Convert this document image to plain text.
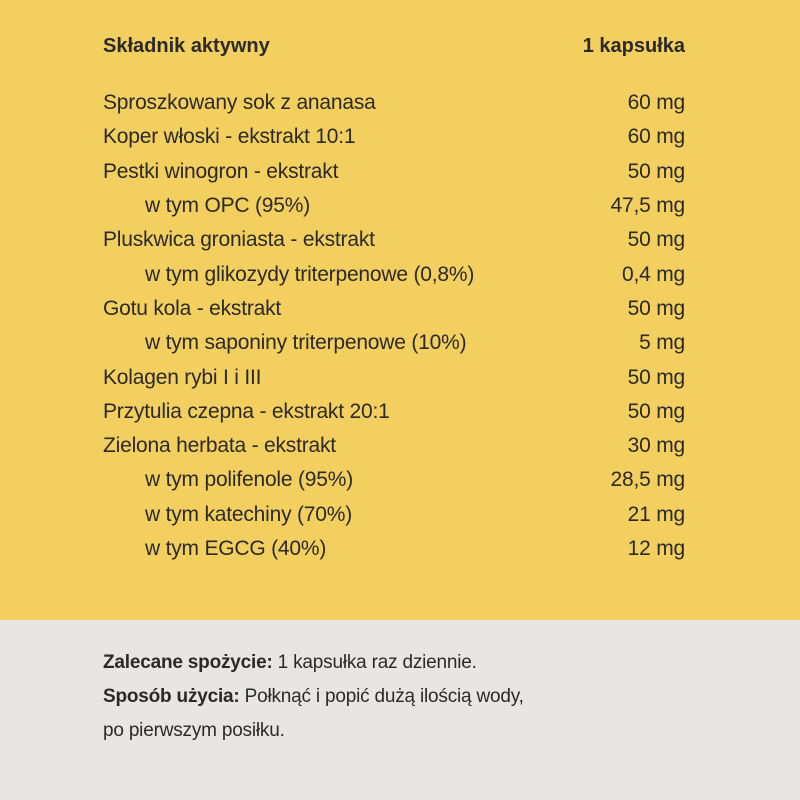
Składnik aktywny	1 kapsułka
Sproszkowany sok z ananasa	60 mg
Koper włoski - ekstrakt 10:1	60 mg
Pestki winogron - ekstrakt	50 mg
w tym OPC (95%)	47,5 mg
Pluskwica groniasta - ekstrakt	50 mg
w tym glikozydy triterpenowe (0,8%)	0,4 mg
Gotu kola - ekstrakt	50 mg
w tym saponiny triterpenowe (10%)	5 mg
Kolagen rybi I i III	50 mg
Przytulia czepna - ekstrakt 20:1	50 mg
Zielona herbata - ekstrakt	30 mg
w tym polifenole (95%)	28,5 mg
w tym katechiny (70%)	21 mg
w tym EGCG (40%)	12 mg

Zalecane spożycie: 1 kapsułka raz dziennie.

Sposób użycia: Połknąć i popić dużą ilością wody,

po pierwszym posiłku.
